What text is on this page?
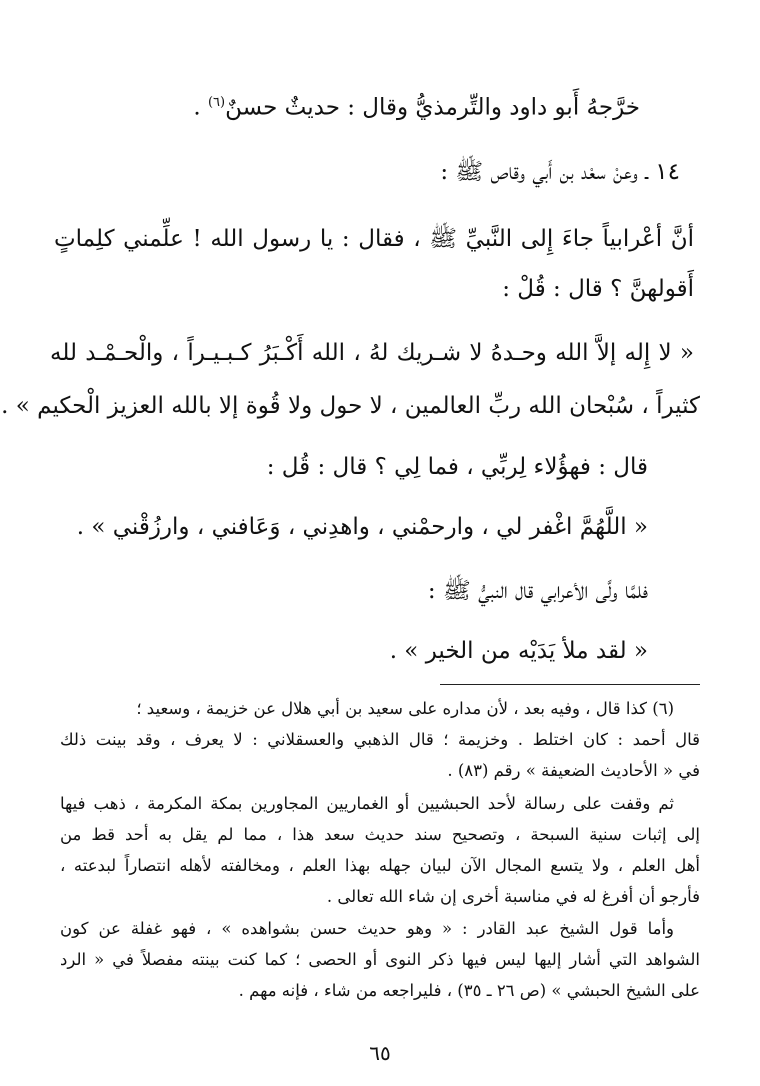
خرَّجهُ أَبو داود والتِّرمذيُّ وقال : حديثٌ حسنٌ$^{(٦)}$ .
١٤ ـ وعنْ سعْد بن أَبي وقاص ﷺ :
أنَّ أعْرابياً جاءَ إِلى النَّبيِّ ﷺ ، فقال : يا رسول الله ! علِّمني كلِماتٍ
أَقولهنَّ ؟ قال : قُلْ :
« لا إِله إلاَّ الله وحـدهُ لا شـريك لهُ ، الله أَكْـبَرُ كـبـيـراً ، والْحـمْـد لله
كثيراً ، سُبْحان الله ربِّ العالمين ، لا حول ولا قُوة إلا بالله العزيز الْحكيم » .
قال : فهؤُلاء لِربِّي ، فما لِي ؟ قال : قُل :
« اللَّهُمَّ اغْفر لي ، وارحمْني ، واهدِني ، وَعَافني ، وارزُقْني » .
فلمَّا ولَّى الأعرابي قال النبيُّ ﷺ :
« لقد ملأ يَدَيْه من الخير » .
(٦) كذا قال ، وفيه بعد ، لأن مداره على سعيد بن أبي هلال عن خزيمة ، وسعيد ؛
قال أحمد : كان اختلط . وخزيمة ؛ قال الذهبي والعسقلاني : لا يعرف ، وقد بينت ذلك
في « الأحاديث الضعيفة » رقم (٨٣) .
ثم وقفت على رسالة لأحد الحبشيين أو الغماريين المجاورين بمكة المكرمة ، ذهب فيها
إلى إثبات سنية السبحة ، وتصحيح سند حديث سعد هذا ، مما لم يقل به أحد قط من
أهل العلم ، ولا يتسع المجال الآن لبيان جهله بهذا العلم ، ومخالفته لأهله انتصاراً لبدعته ،
فأرجو أن أفرغ له في مناسبة أخرى إن شاء الله تعالى .
وأما قول الشيخ عبد القادر : « وهو حديث حسن بشواهده » ، فهو غفلة عن كون
الشواهد التي أشار إليها ليس فيها ذكر النوى أو الحصى ؛ كما كنت بينته مفصلاً في « الرد
على الشيخ الحبشي » (ص ٢٦ ـ ٣٥) ، فليراجعه من شاء ، فإنه مهم .
٦٥
